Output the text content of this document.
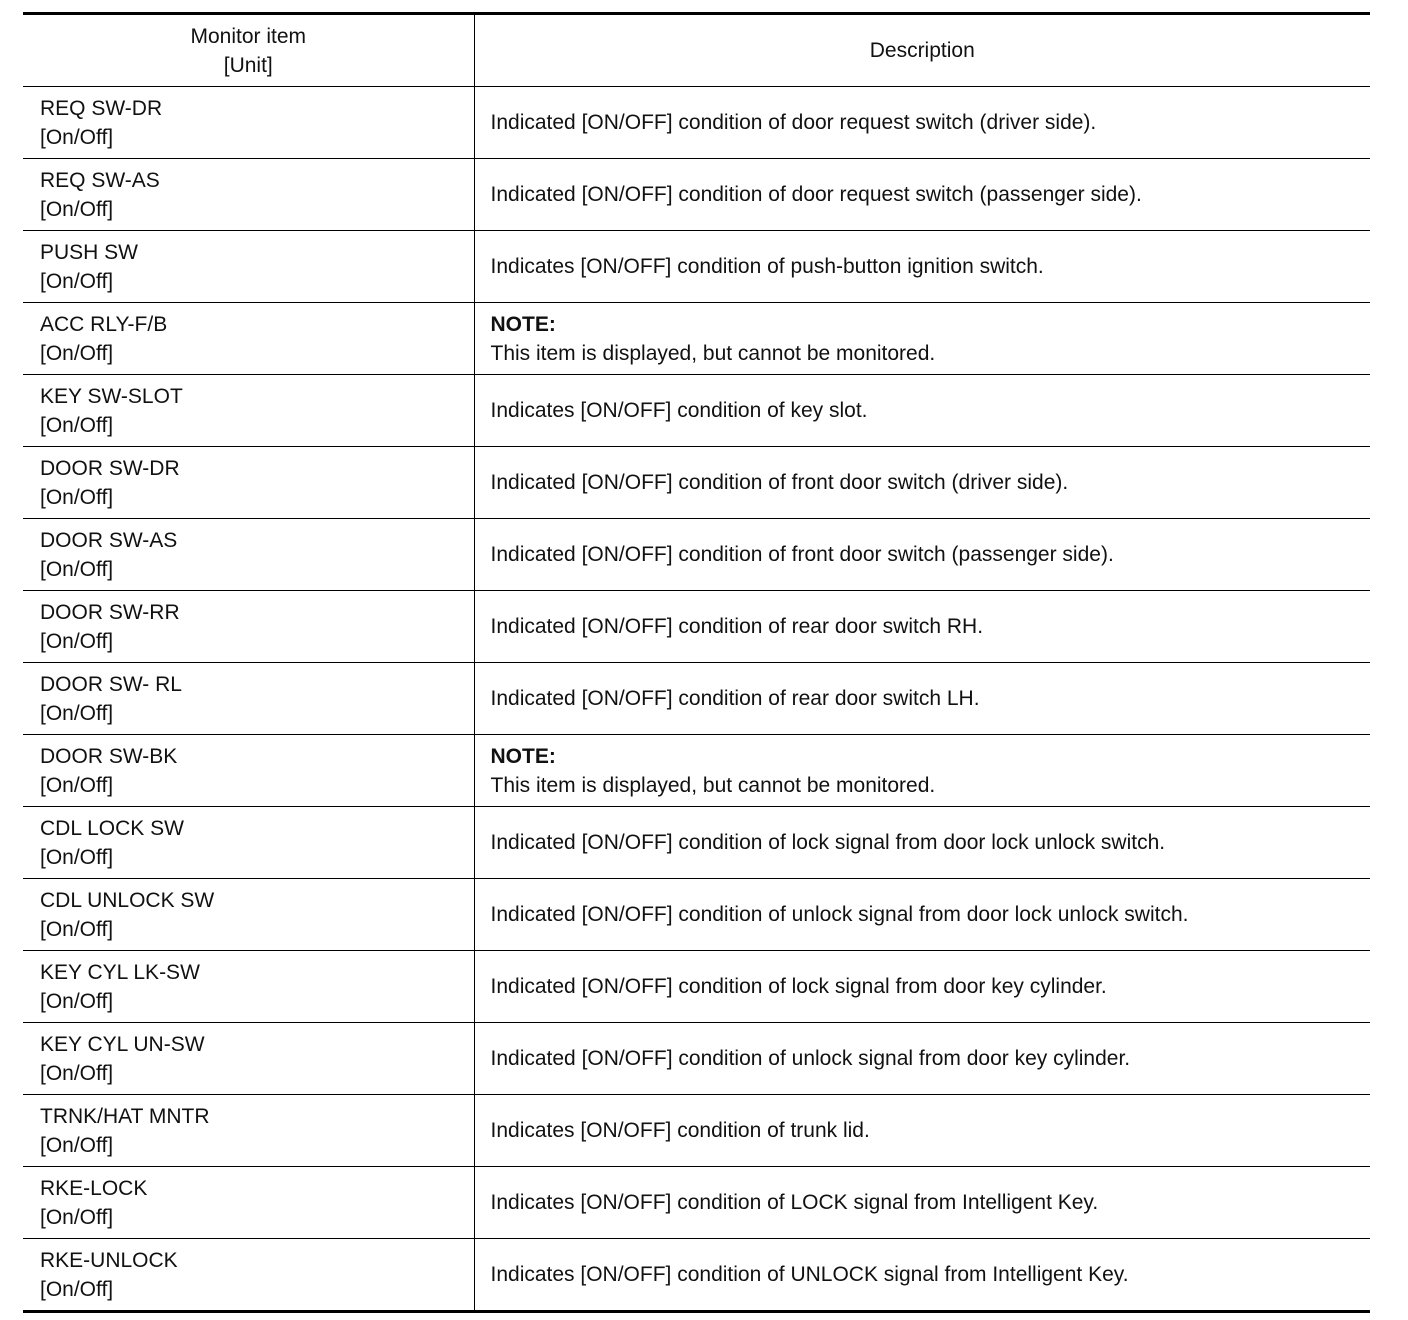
Monitor item
[Unit]	Description

REQ SW-DR
[On/Off]	Indicated [ON/OFF] condition of door request switch (driver side).

REQ SW-AS
[On/Off]	Indicated [ON/OFF] condition of door request switch (passenger side).

PUSH SW
[On/Off]	Indicates [ON/OFF] condition of push-button ignition switch.

ACC RLY-F/B
[On/Off]	NOTE:
This item is displayed, but cannot be monitored.

KEY SW-SLOT
[On/Off]	Indicates [ON/OFF] condition of key slot.

DOOR SW-DR
[On/Off]	Indicated [ON/OFF] condition of front door switch (driver side).

DOOR SW-AS
[On/Off]	Indicated [ON/OFF] condition of front door switch (passenger side).

DOOR SW-RR
[On/Off]	Indicated [ON/OFF] condition of rear door switch RH.

DOOR SW- RL
[On/Off]	Indicated [ON/OFF] condition of rear door switch LH.

DOOR SW-BK
[On/Off]	NOTE:
This item is displayed, but cannot be monitored.

CDL LOCK SW
[On/Off]	Indicated [ON/OFF] condition of lock signal from door lock unlock switch.

CDL UNLOCK SW
[On/Off]	Indicated [ON/OFF] condition of unlock signal from door lock unlock switch.

KEY CYL LK-SW
[On/Off]	Indicated [ON/OFF] condition of lock signal from door key cylinder.

KEY CYL UN-SW
[On/Off]	Indicated [ON/OFF] condition of unlock signal from door key cylinder.

TRNK/HAT MNTR
[On/Off]	Indicates [ON/OFF] condition of trunk lid.

RKE-LOCK
[On/Off]	Indicates [ON/OFF] condition of LOCK signal from Intelligent Key.

RKE-UNLOCK
[On/Off]	Indicates [ON/OFF] condition of UNLOCK signal from Intelligent Key.
